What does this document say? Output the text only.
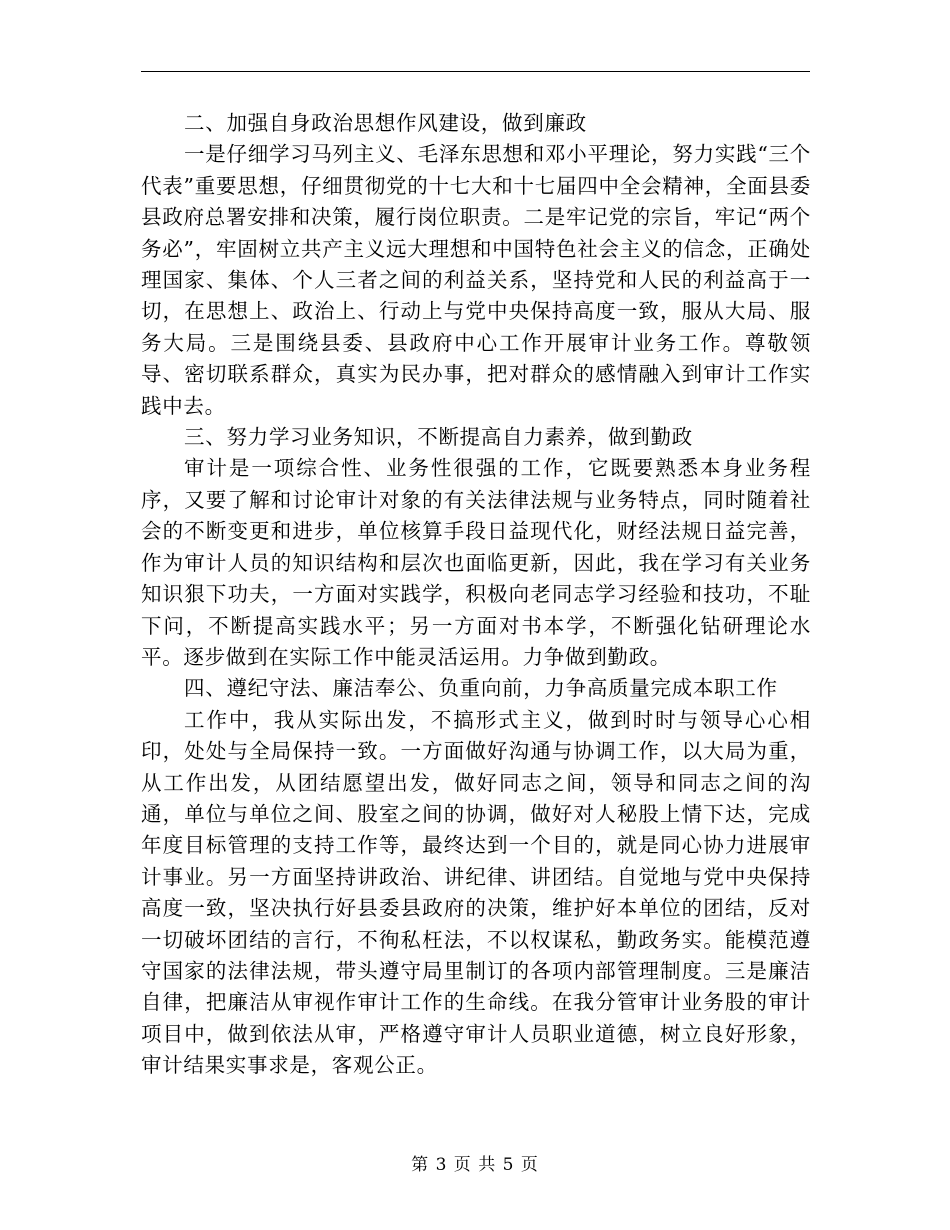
二、加强自身政治思想作风建设，做到廉政

一是仔细学习马列主义、毛泽东思想和邓小平理论，努力实践“三个代表”重要思想，仔细贯彻党的十七大和十七届四中全会精神，全面县委县政府总署安排和决策，履行岗位职责。二是牢记党的宗旨，牢记“两个务必”，牢固树立共产主义远大理想和中国特色社会主义的信念，正确处理国家、集体、个人三者之间的利益关系，坚持党和人民的利益高于一切，在思想上、政治上、行动上与党中央保持高度一致，服从大局、服务大局。三是围绕县委、县政府中心工作开展审计业务工作。尊敬领导、密切联系群众，真实为民办事，把对群众的感情融入到审计工作实践中去。

三、努力学习业务知识，不断提高自力素养，做到勤政

审计是一项综合性、业务性很强的工作，它既要熟悉本身业务程序，又要了解和讨论审计对象的有关法律法规与业务特点，同时随着社会的不断变更和进步，单位核算手段日益现代化，财经法规日益完善，作为审计人员的知识结构和层次也面临更新，因此，我在学习有关业务知识狠下功夫，一方面对实践学，积极向老同志学习经验和技功，不耻下问，不断提高实践水平；另一方面对书本学，不断强化钻研理论水平。逐步做到在实际工作中能灵活运用。力争做到勤政。

四、遵纪守法、廉洁奉公、负重向前，力争高质量完成本职工作

工作中，我从实际出发，不搞形式主义，做到时时与领导心心相印，处处与全局保持一致。一方面做好沟通与协调工作，以大局为重，从工作出发，从团结愿望出发，做好同志之间，领导和同志之间的沟通，单位与单位之间、股室之间的协调，做好对人秘股上情下达，完成年度目标管理的支持工作等，最终达到一个目的，就是同心协力进展审计事业。另一方面坚持讲政治、讲纪律、讲团结。自觉地与党中央保持高度一致，坚决执行好县委县政府的决策，维护好本单位的团结，反对一切破坏团结的言行，不徇私枉法，不以权谋私，勤政务实。能模范遵守国家的法律法规，带头遵守局里制订的各项内部管理制度。三是廉洁自律，把廉洁从审视作审计工作的生命线。在我分管审计业务股的审计项目中，做到依法从审，严格遵守审计人员职业道德，树立良好形象，审计结果实事求是，客观公正。

第 3 页 共 5 页
